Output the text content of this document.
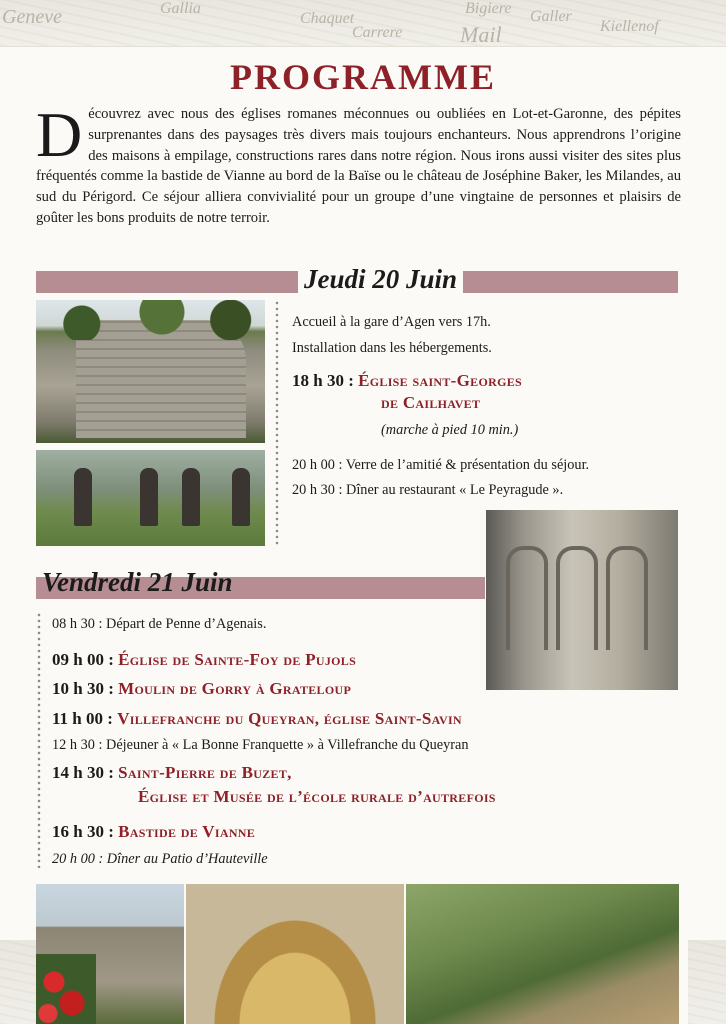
Geneve	Gallia
Chaquet
Carrere	Mail
Bigiere Galler
Kiellenof
PROGRAMME
D écouvrez avec nous des églises romanes méconnues ou oubliées en Lot-et-Garonne, des pépites surprenantes dans des paysages très divers mais toujours enchanteurs. Nous apprendrons l’origine des maisons à empilage, constructions rares dans notre région. Nous irons aussi visiter des sites plus fréquentés comme la bastide de Vianne au bord de la Baïse ou le château de Joséphine Baker, les Milandes, au sud du Périgord. Ce séjour alliera convivialité pour un groupe d’une vingtaine de personnes et plaisirs de goûter les bons produits de notre terroir.
Jeudi 20 Juin
Accueil à la gare d’Agen vers 17h.
Installation dans les hébergements.
18 h 30 : Église saint-Georges
de Cailhavet
(marche à pied 10 min.)
20 h 00 : Verre de l’amitié & présentation du séjour.
20 h 30 : Dîner au restaurant « Le Peyragude ».
Vendredi 21 Juin
08 h 30 : Départ de Penne d’Agenais.
09 h 00 : Église de Sainte-Foy de Pujols
10 h 30 : Moulin de Gorry à Grateloup
11 h 00 : Villefranche du Queyran, église Saint-Savin
12 h 30 : Déjeuner à « La Bonne Franquette » à Villefranche du Queyran
14 h 30 : Saint-Pierre de Buzet,
Église et Musée de l’école rurale d’autrefois
16 h 30 : Bastide de Vianne
20 h 00 : Dîner au Patio d’Hauteville
